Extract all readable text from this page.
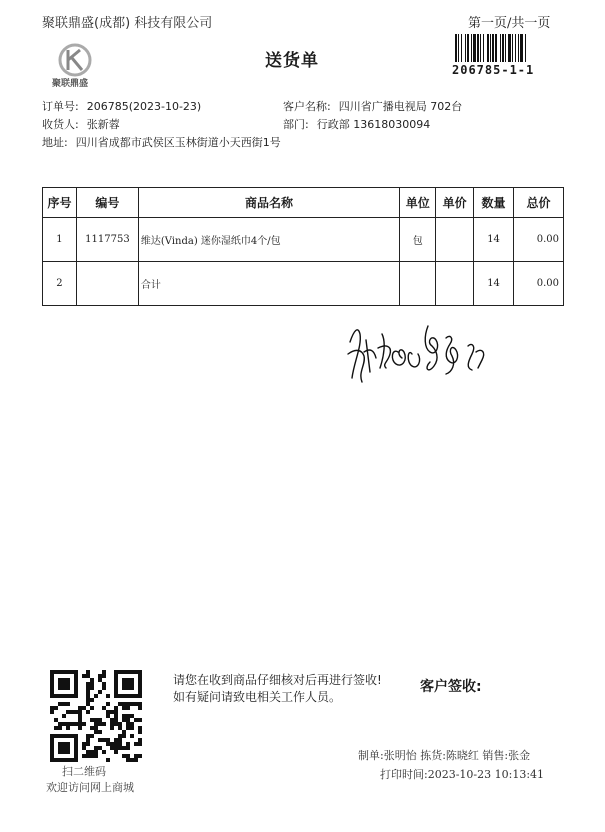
聚联鼎盛(成都) 科技有限公司	第一页/共一页
送货单
聚联鼎盛
206785-1-1
订单号: 206785(2023-10-23)	客户名称: 四川省广播电视局 702台
收货人: 张新蓉	部门: 行政部 13618030094
地址: 四川省成都市武侯区玉林街道小天西街1号
序号	编号	商品名称	单位	单价	数量	总价
1	1117753	维达(Vinda) 迷你湿纸巾4个/包	包		14	0.00
2		合计			14	0.00
扫二维码
欢迎访问网上商城
请您在收到商品仔细核对后再进行签收!如有疑问请致电相关工作人员。
客户签收:
制单:张明怡 拣货:陈晓红 销售:张金
打印时间:2023-10-23 10:13:41
